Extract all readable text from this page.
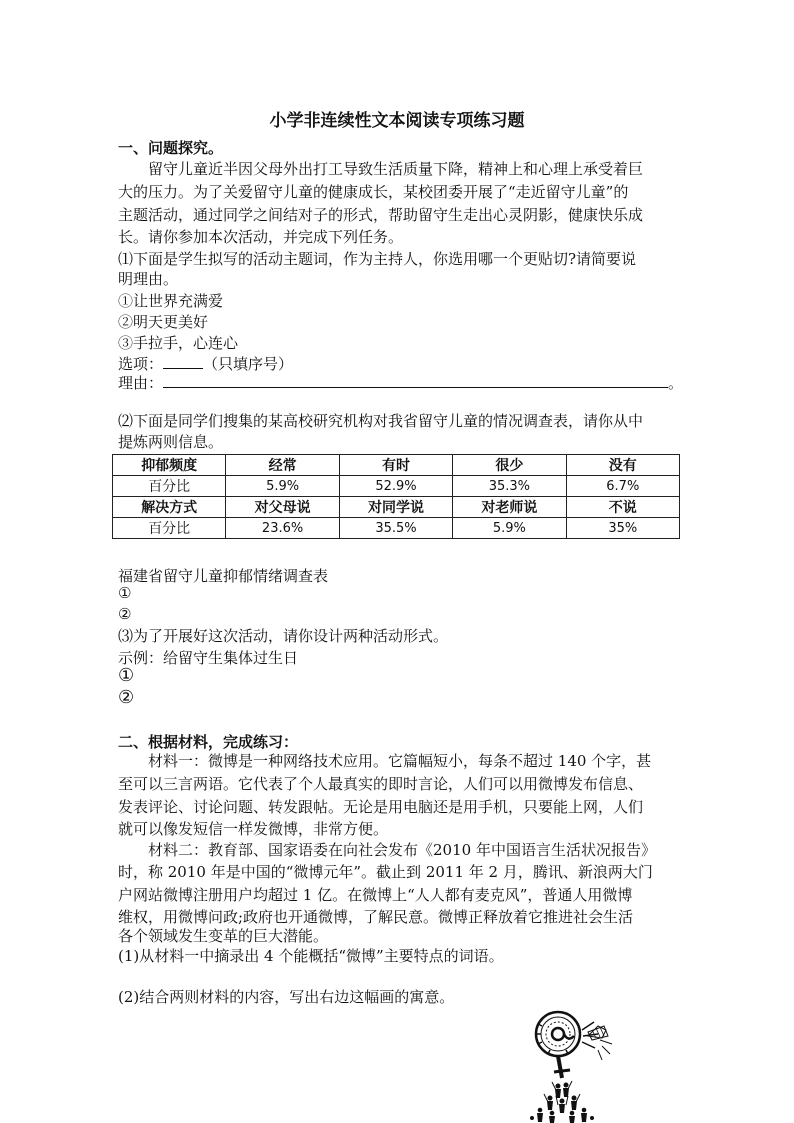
小学非连续性文本阅读专项练习题
一、问题探究。
留守儿童近半因父母外出打工导致生活质量下降，精神上和心理上承受着巨
大的压力。为了关爱留守儿童的健康成长，某校团委开展了“走近留守儿童”的
主题活动，通过同学之间结对子的形式，帮助留守生走出心灵阴影，健康快乐成
长。请你参加本次活动，并完成下列任务。
⑴下面是学生拟写的活动主题词，作为主持人，你选用哪一个更贴切?请简要说
明理由。
①让世界充满爱
②明天更美好
③手拉手，心连心
选项：	（只填序号）
理由：	。
⑵下面是同学们搜集的某高校研究机构对我省留守儿童的情况调查表，请你从中
提炼两则信息。
抑郁频度	经常	有时	很少	没有
百分比	5.9%	52.9%	35.3%	6.7%
解决方式	对父母说	对同学说	对老师说	不说
百分比	23.6%	35.5%	5.9%	35%
福建省留守儿童抑郁情绪调查表
①
②
⑶为了开展好这次活动，请你设计两种活动形式。
示例：给留守生集体过生日
①
②
二、根据材料，完成练习：
材料一：微博是一种网络技术应用。它篇幅短小，每条不超过 140 个字，甚
至可以三言两语。它代表了个人最真实的即时言论，人们可以用微博发布信息、
发表评论、讨论问题、转发跟帖。无论是用电脑还是用手机，只要能上网，人们
就可以像发短信一样发微博，非常方便。
材料二：教育部、国家语委在向社会发布《2010 年中国语言生活状况报告》
时，称 2010 年是中国的“微博元年”。截止到 2011 年 2 月，腾讯、新浪两大门
户网站微博注册用户均超过 1 亿。在微博上“人人都有麦克风”，普通人用微博
维权，用微博问政;政府也开通微博，了解民意。微博正释放着它推进社会生活
各个领域发生变革的巨大潜能。
(1)从材料一中摘录出 4 个能概括“微博”主要特点的词语。
(2)结合两则材料的内容，写出右边这幅画的寓意。
